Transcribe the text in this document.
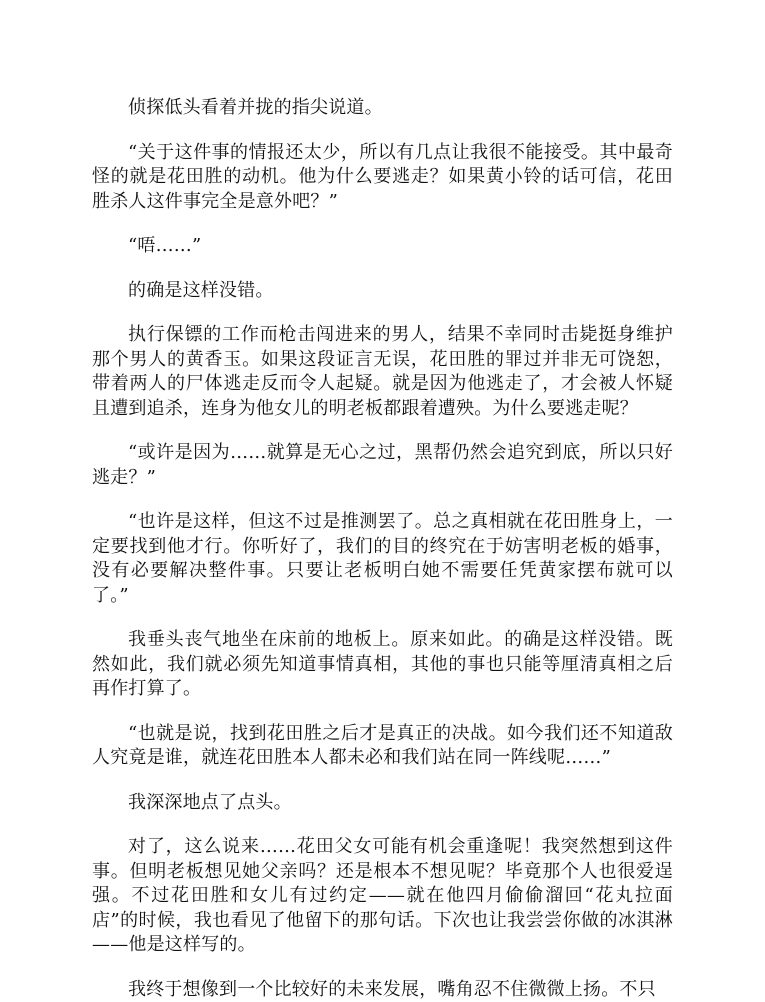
侦探低头看着并拢的指尖说道。

“关于这件事的情报还太少，所以有几点让我很不能接受。其中最奇怪的就是花田胜的动机。他为什么要逃走？如果黄小铃的话可信，花田胜杀人这件事完全是意外吧？”

“唔……”

的确是这样没错。

执行保镖的工作而枪击闯进来的男人，结果不幸同时击毙挺身维护那个男人的黄香玉。如果这段证言无误，花田胜的罪过并非无可饶恕，带着两人的尸体逃走反而令人起疑。就是因为他逃走了，才会被人怀疑且遭到追杀，连身为他女儿的明老板都跟着遭殃。为什么要逃走呢？

“或许是因为……就算是无心之过，黑帮仍然会追究到底，所以只好逃走？”

“也许是这样，但这不过是推测罢了。总之真相就在花田胜身上，一定要找到他才行。你听好了，我们的目的终究在于妨害明老板的婚事，没有必要解决整件事。只要让老板明白她不需要任凭黄家摆布就可以了。”

我垂头丧气地坐在床前的地板上。原来如此。的确是这样没错。既然如此，我们就必须先知道事情真相，其他的事也只能等厘清真相之后再作打算了。

“也就是说，找到花田胜之后才是真正的决战。如今我们还不知道敌人究竟是谁，就连花田胜本人都未必和我们站在同一阵线呢……”

我深深地点了点头。

对了，这么说来……花田父女可能有机会重逢呢！我突然想到这件事。但明老板想见她父亲吗？还是根本不想见呢？毕竟那个人也很爱逞强。不过花田胜和女儿有过约定——就在他四月偷偷溜回“花丸拉面店”的时候，我也看见了他留下的那句话。下次也让我尝尝你做的冰淇淋——他是这样写的。

我终于想像到一个比较好的未来发展，嘴角忍不住微微上扬。不只
